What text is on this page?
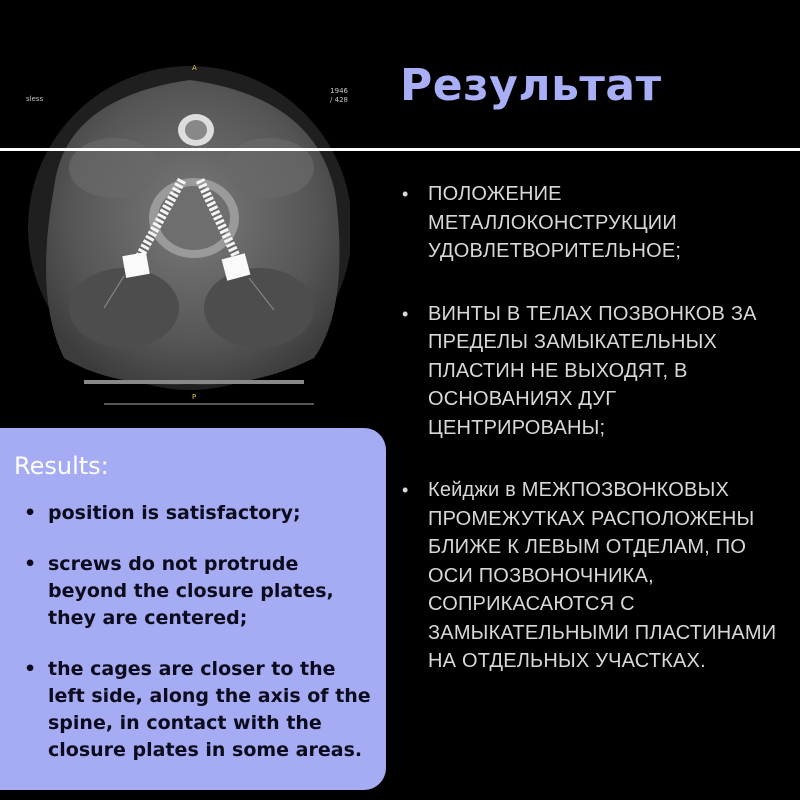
sless
1946
/ 428
A
P
Результат
• ПОЛОЖЕНИЕ МЕТАЛЛОКОНСТРУКЦИИ УДОВЛЕТВОРИТЕЛЬНОЕ;
• ВИНТЫ В ТЕЛАХ ПОЗВОНКОВ ЗА ПРЕДЕЛЫ ЗАМЫКАТЕЛЬНЫХ ПЛАСТИН НЕ ВЫХОДЯТ, В ОСНОВАНИЯХ ДУГ ЦЕНТРИРОВАНЫ;
• Кейджи в МЕЖПОЗВОНКОВЫХ ПРОМЕЖУТКАХ РАСПОЛОЖЕНЫ БЛИЖЕ К ЛЕВЫМ ОТДЕЛАМ, ПО ОСИ ПОЗВОНОЧНИКА, СОПРИКАСАЮТСЯ С ЗАМЫКАТЕЛЬНЫМИ ПЛАСТИНАМИ НА ОТДЕЛЬНЫХ УЧАСТКАХ.
Results:
• position is satisfactory;
• screws do not protrude beyond the closure plates, they are centered;
• the cages are closer to the left side, along the axis of the spine, in contact with the closure plates in some areas.
